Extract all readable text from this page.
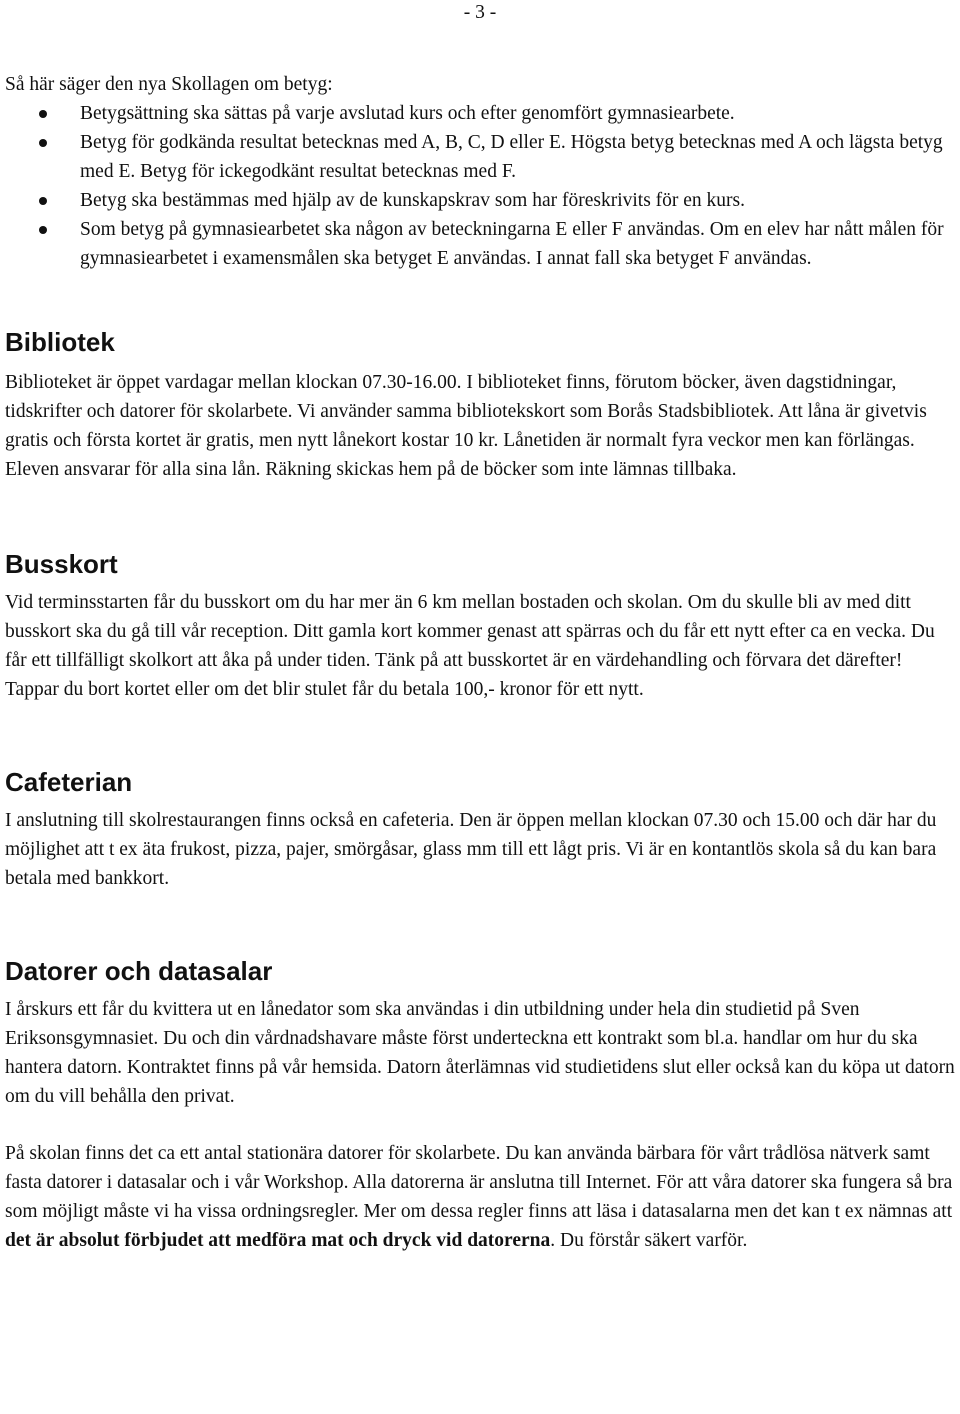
- 3 -

Så här säger den nya Skollagen om betyg:

Betygsättning ska sättas på varje avslutad kurs och efter genomfört gymnasiearbete.
Betyg för godkända resultat betecknas med A, B, C, D eller E. Högsta betyg betecknas med A och lägsta betyg med E. Betyg för ickegodkänt resultat betecknas med F.
Betyg ska bestämmas med hjälp av de kunskapskrav som har föreskrivits för en kurs.
Som betyg på gymnasiearbetet ska någon av beteckningarna E eller F användas. Om en elev har nått målen för gymnasiearbetet i examensmålen ska betyget E användas. I annat fall ska betyget F användas.
Bibliotek

Biblioteket är öppet vardagar mellan klockan 07.30-16.00. I biblioteket finns, förutom böcker, även dagstidningar, tidskrifter och datorer för skolarbete. Vi använder samma bibliotekskort som Borås Stadsbibliotek. Att låna är givetvis gratis och första kortet är gratis, men nytt lånekort kostar 10 kr. Lånetiden är normalt fyra veckor men kan förlängas. Eleven ansvarar för alla sina lån. Räkning skickas hem på de böcker som inte lämnas tillbaka.

Busskort

Vid terminsstarten får du busskort om du har mer än 6 km mellan bostaden och skolan. Om du skulle bli av med ditt busskort ska du gå till vår reception. Ditt gamla kort kommer genast att spärras och du får ett nytt efter ca en vecka. Du får ett tillfälligt skolkort att åka på under tiden. Tänk på att busskortet är en värdehandling och förvara det därefter! Tappar du bort kortet eller om det blir stulet får du betala 100,- kronor för ett nytt.

Cafeterian

I anslutning till skolrestaurangen finns också en cafeteria. Den är öppen mellan klockan 07.30 och 15.00 och där har du möjlighet att t ex äta frukost, pizza, pajer, smörgåsar, glass mm till ett lågt pris. Vi är en kontantlös skola så du kan bara betala med bankkort.

Datorer och datasalar

I årskurs ett får du kvittera ut en lånedator som ska användas i din utbildning under hela din studietid på Sven Eriksonsgymnasiet. Du och din vårdnadshavare måste först underteckna ett kontrakt som bl.a. handlar om hur du ska hantera datorn. Kontraktet finns på vår hemsida. Datorn återlämnas vid studietidens slut eller också kan du köpa ut datorn om du vill behålla den privat.

På skolan finns det ca ett antal stationära datorer för skolarbete. Du kan använda bärbara för vårt trådlösa nätverk samt fasta datorer i datasalar och i vår Workshop. Alla datorerna är anslutna till Internet. För att våra datorer ska fungera så bra som möjligt måste vi ha vissa ordningsregler. Mer om dessa regler finns att läsa i datasalarna men det kan t ex nämnas att det är absolut förbjudet att medföra mat och dryck vid datorerna. Du förstår säkert varför.
